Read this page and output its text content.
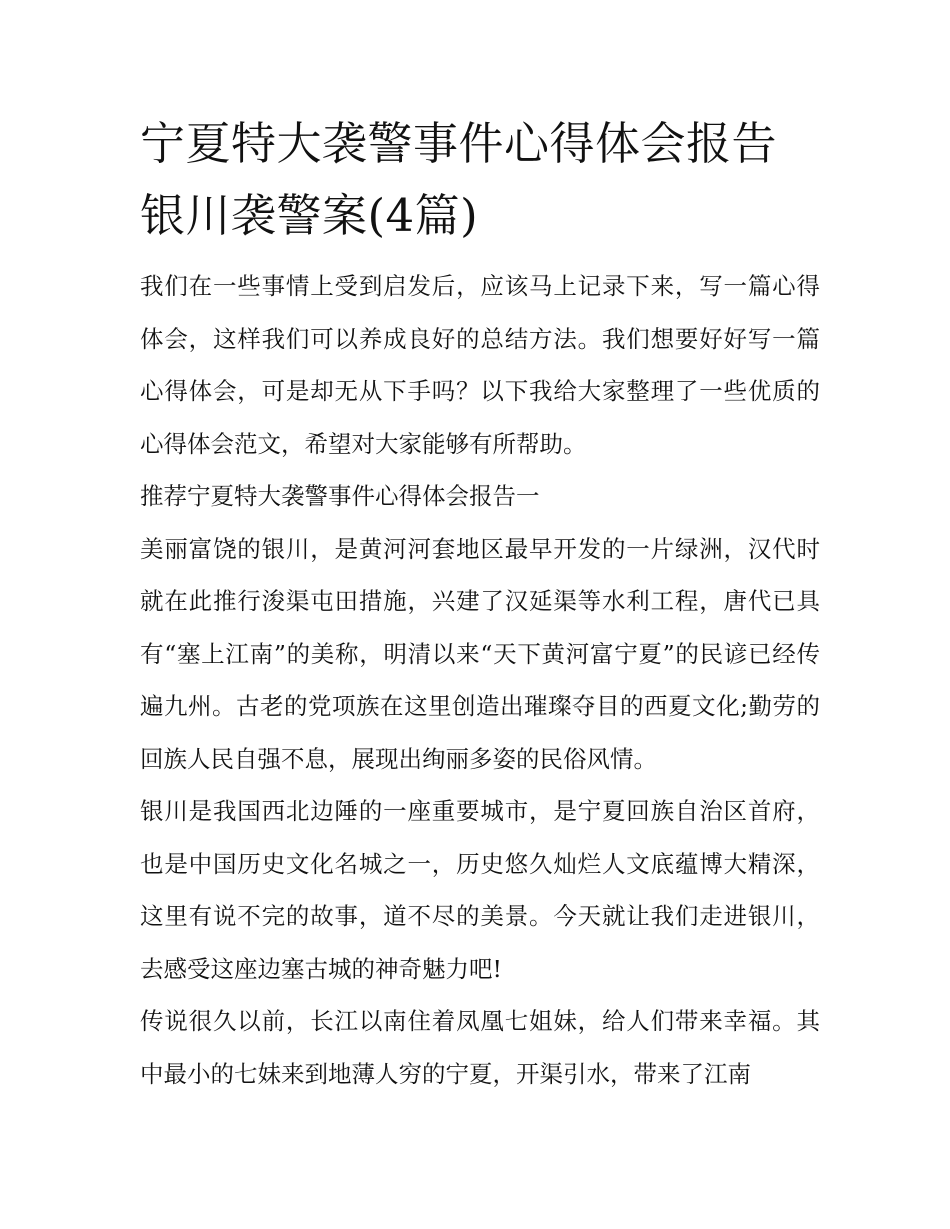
宁夏特大袭警事件心得体会报告 银川袭警案(4篇)

我们在一些事情上受到启发后，应该马上记录下来，写一篇心得体会，这样我们可以养成良好的总结方法。我们想要好好写一篇心得体会，可是却无从下手吗？以下我给大家整理了一些优质的心得体会范文，希望对大家能够有所帮助。

推荐宁夏特大袭警事件心得体会报告一

美丽富饶的银川，是黄河河套地区最早开发的一片绿洲，汉代时就在此推行浚渠屯田措施，兴建了汉延渠等水利工程，唐代已具有“塞上江南”的美称，明清以来“天下黄河富宁夏”的民谚已经传遍九州。古老的党项族在这里创造出璀璨夺目的西夏文化;勤劳的回族人民自强不息，展现出绚丽多姿的民俗风情。

银川是我国西北边陲的一座重要城市，是宁夏回族自治区首府，也是中国历史文化名城之一，历史悠久灿烂人文底蕴博大精深，这里有说不完的故事，道不尽的美景。今天就让我们走进银川，去感受这座边塞古城的神奇魅力吧!

传说很久以前，长江以南住着凤凰七姐妹，给人们带来幸福。其中最小的七妹来到地薄人穷的宁夏，开渠引水，带来了江南
